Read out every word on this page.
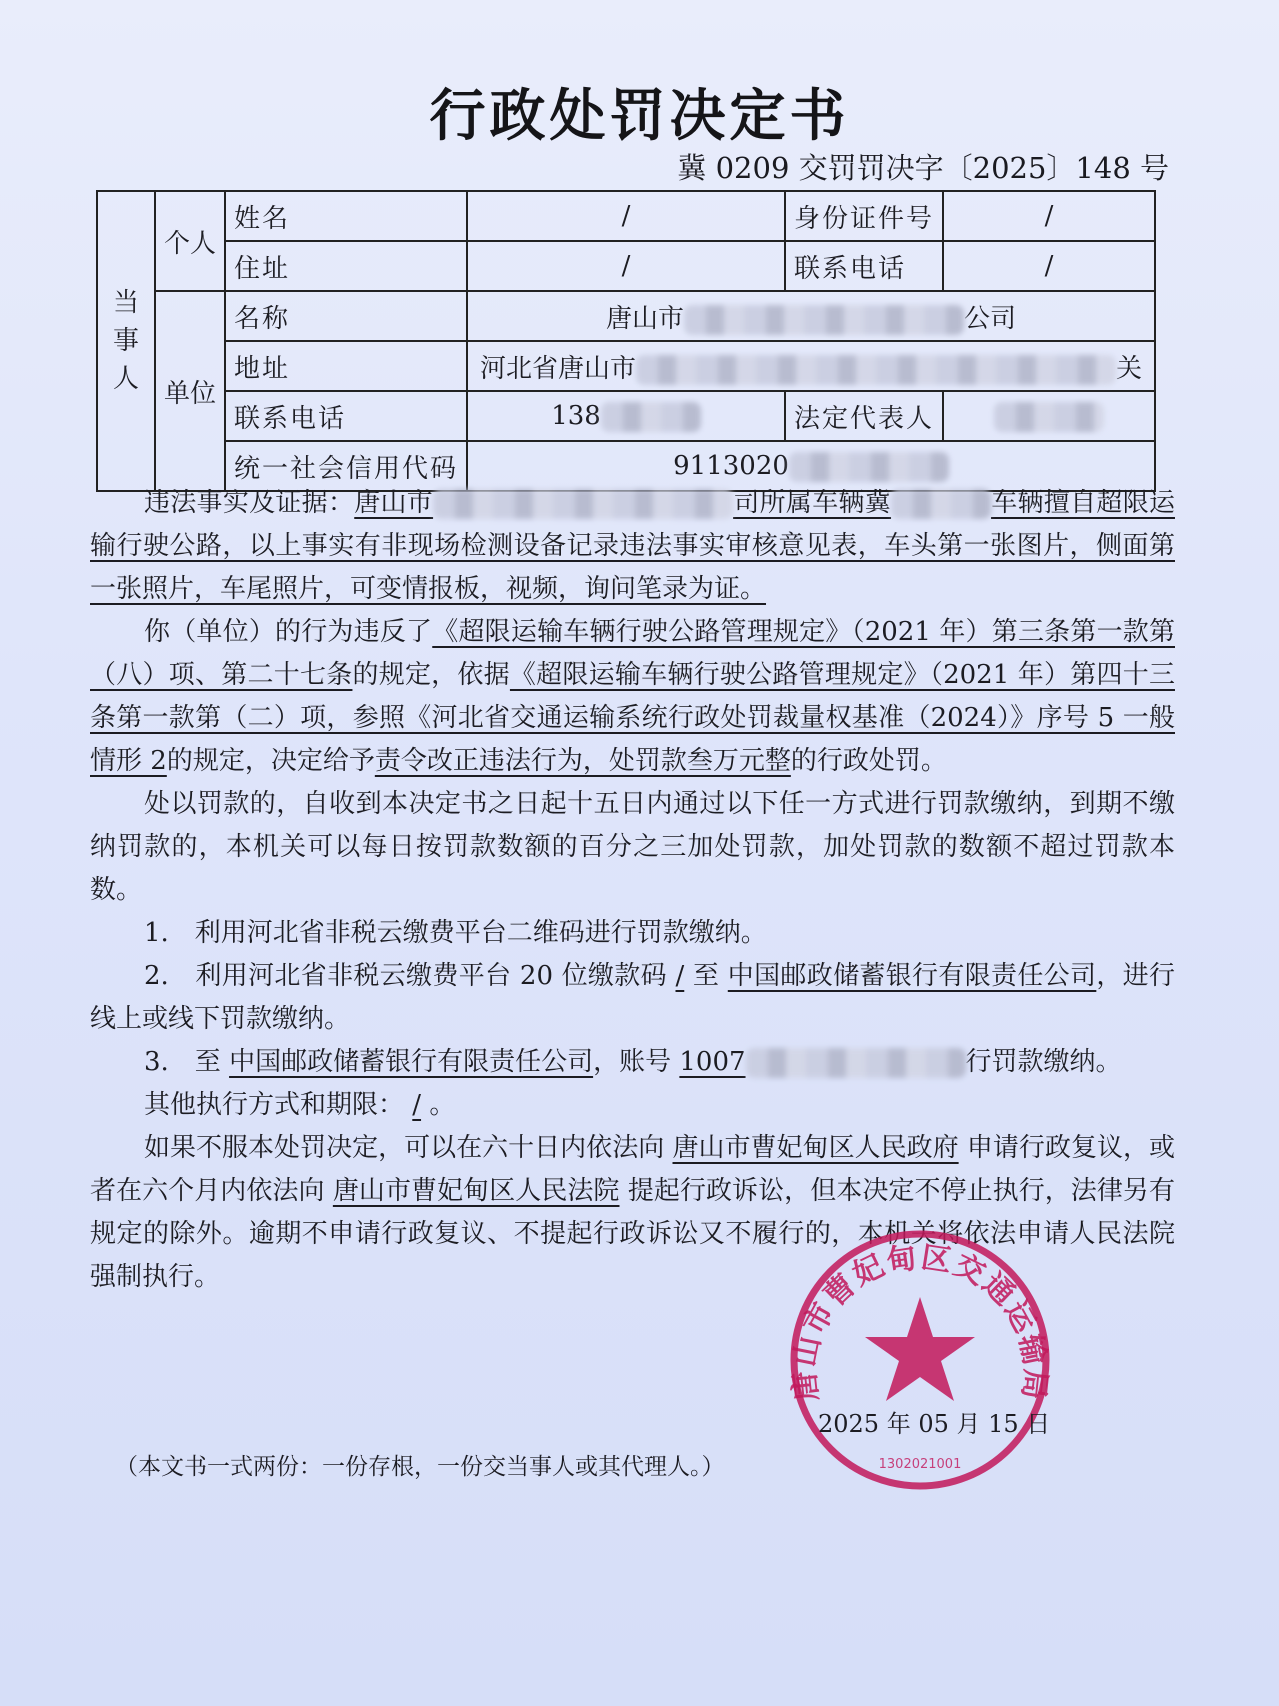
行政处罚决定书
冀 0209 交罚罚决字〔2025〕148 号
当事人	个人	姓名	/	身份证件号	/
		住址	/	联系电话	/
	单位	名称	唐山市 公司		
		地址	河北省唐山市 关		
		联系电话	138	法定代表人	
		统一社会信用代码	9113020		

违法事实及证据：唐山市	司所属车辆冀	车辆擅自超限运输行驶公路，以上事实有非现场检测设备记录违法事实审核意见表，车头第一张图片，侧面第一张照片，车尾照片，可变情报板，视频，询问笔录为证。

你（单位）的行为违反了《超限运输车辆行驶公路管理规定》（2021 年）第三条第一款第（八）项、第二十七条的规定，依据《超限运输车辆行驶公路管理规定》（2021 年）第四十三条第一款第（二）项，参照《河北省交通运输系统行政处罚裁量权基准（2024）》序号 5 一般情形 2的规定，决定给予责令改正违法行为，处罚款叁万元整的行政处罚。

处以罚款的，自收到本决定书之日起十五日内通过以下任一方式进行罚款缴纳，到期不缴纳罚款的，本机关可以每日按罚款数额的百分之三加处罚款，加处罚款的数额不超过罚款本数。

1.　利用河北省非税云缴费平台二维码进行罚款缴纳。

2.　利用河北省非税云缴费平台 20 位缴款码 / 至 中国邮政储蓄银行有限责任公司，进行线上或线下罚款缴纳。

3.　至 中国邮政储蓄银行有限责任公司，账号 1007	行罚款缴纳。

其他执行方式和期限： / 。

如果不服本处罚决定，可以在六十日内依法向 唐山市曹妃甸区人民政府 申请行政复议，或者在六个月内依法向 唐山市曹妃甸区人民法院 提起行政诉讼，但本决定不停止执行，法律另有规定的除外。逾期不申请行政复议、不提起行政诉讼又不履行的，本机关将依法申请人民法院强制执行。

唐山市曹妃甸区交通运输局
1302021001
2025 年 05 月 15 日
（本文书一式两份：一份存根，一份交当事人或其代理人。）
